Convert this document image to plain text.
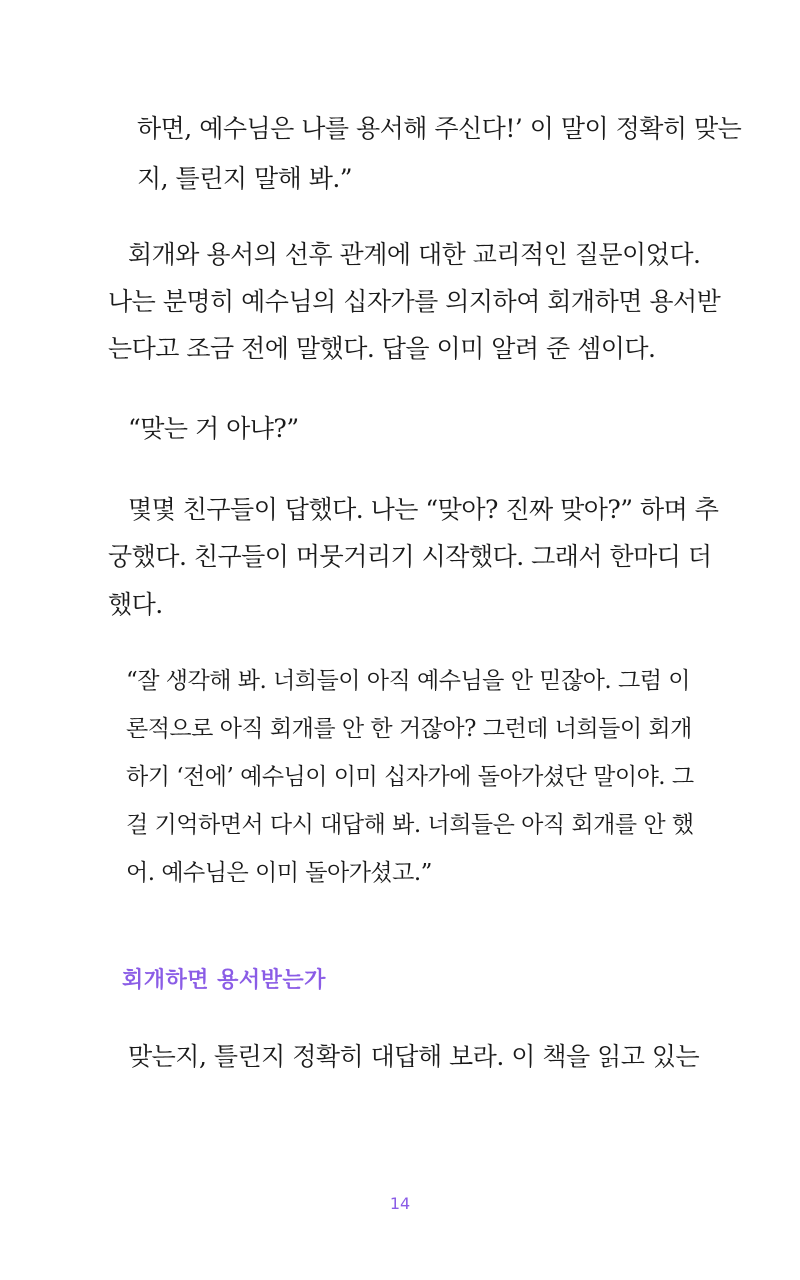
하면, 예수님은 나를 용서해 주신다!’ 이 말이 정확히 맞는
지, 틀린지 말해 봐.”
회개와 용서의 선후 관계에 대한 교리적인 질문이었다.
나는 분명히 예수님의 십자가를 의지하여 회개하면 용서받
는다고 조금 전에 말했다. 답을 이미 알려 준 셈이다.
“맞는 거 아냐?”
몇몇 친구들이 답했다. 나는 “맞아? 진짜 맞아?” 하며 추
궁했다. 친구들이 머뭇거리기 시작했다. 그래서 한마디 더
했다.
“잘 생각해 봐. 너희들이 아직 예수님을 안 믿잖아. 그럼 이
론적으로 아직 회개를 안 한 거잖아? 그런데 너희들이 회개
하기 ‘전에’ 예수님이 이미 십자가에 돌아가셨단 말이야. 그
걸 기억하면서 다시 대답해 봐. 너희들은 아직 회개를 안 했
어. 예수님은 이미 돌아가셨고.”
회개하면 용서받는가
맞는지, 틀린지 정확히 대답해 보라. 이 책을 읽고 있는
14
